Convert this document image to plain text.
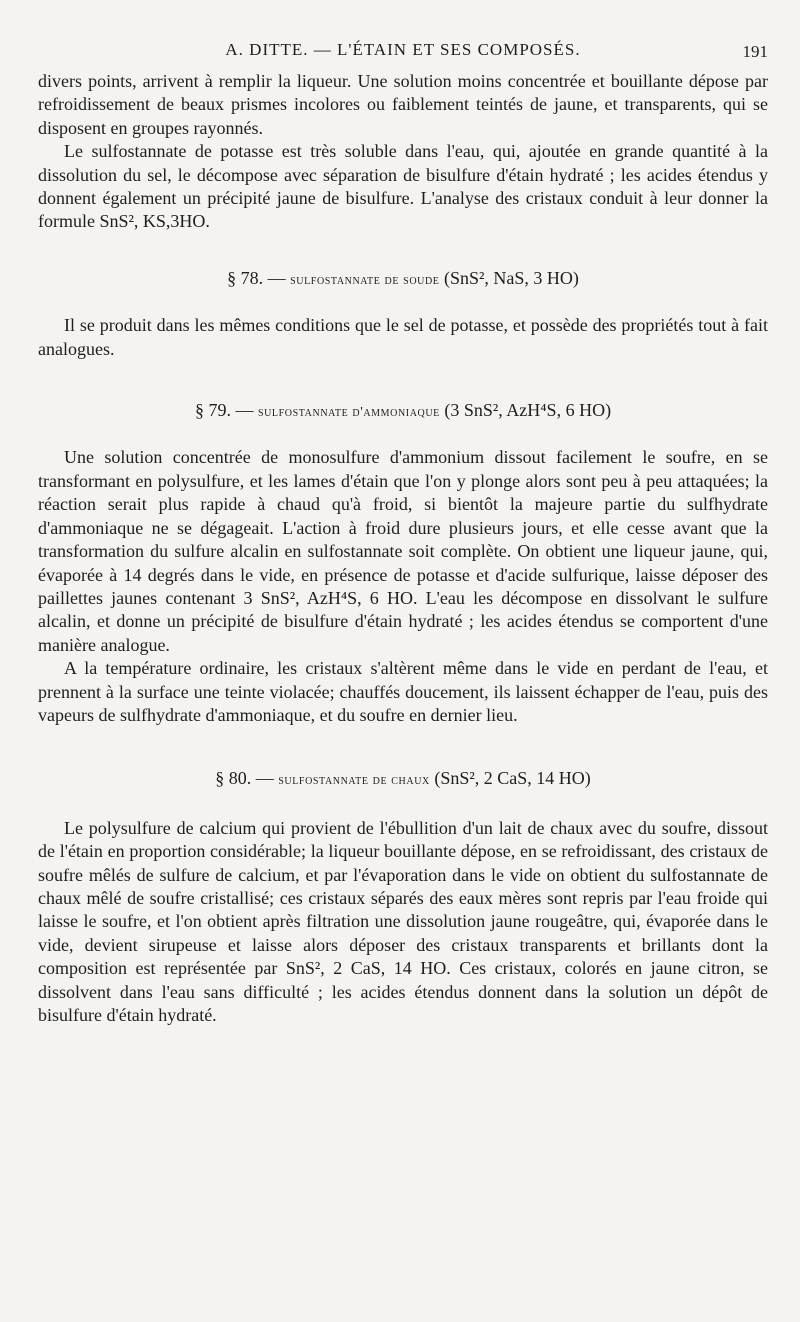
A. DITTE. — L'ÉTAIN ET SES COMPOSÉS.	191

divers points, arrivent à remplir la liqueur. Une solution moins concentrée et bouillante dépose par refroidissement de beaux prismes incolores ou faiblement teintés de jaune, et transparents, qui se disposent en groupes rayonnés.

Le sulfostannate de potasse est très soluble dans l'eau, qui, ajoutée en grande quantité à la dissolution du sel, le décompose avec séparation de bisulfure d'étain hydraté ; les acides étendus y donnent également un précipité jaune de bisulfure. L'analyse des cristaux conduit à leur donner la formule SnS², KS,3HO.

§ 78. — sulfostannate de soude (SnS², NaS, 3 HO)

Il se produit dans les mêmes conditions que le sel de potasse, et possède des propriétés tout à fait analogues.

§ 79. — sulfostannate d'ammoniaque (3 SnS², AzH⁴S, 6 HO)

Une solution concentrée de monosulfure d'ammonium dissout facilement le soufre, en se transformant en polysulfure, et les lames d'étain que l'on y plonge alors sont peu à peu attaquées; la réaction serait plus rapide à chaud qu'à froid, si bientôt la majeure partie du sulfhydrate d'ammoniaque ne se dégageait. L'action à froid dure plusieurs jours, et elle cesse avant que la transformation du sulfure alcalin en sulfostannate soit complète. On obtient une liqueur jaune, qui, évaporée à 14 degrés dans le vide, en présence de potasse et d'acide sulfurique, laisse déposer des paillettes jaunes contenant 3 SnS², AzH⁴S, 6 HO. L'eau les décompose en dissolvant le sulfure alcalin, et donne un précipité de bisulfure d'étain hydraté ; les acides étendus se comportent d'une manière analogue.

A la température ordinaire, les cristaux s'altèrent même dans le vide en perdant de l'eau, et prennent à la surface une teinte violacée; chauffés doucement, ils laissent échapper de l'eau, puis des vapeurs de sulfhydrate d'ammoniaque, et du soufre en dernier lieu.

§ 80. — sulfostannate de chaux (SnS², 2 CaS, 14 HO)

Le polysulfure de calcium qui provient de l'ébullition d'un lait de chaux avec du soufre, dissout de l'étain en proportion considérable; la liqueur bouillante dépose, en se refroidissant, des cristaux de soufre mêlés de sulfure de calcium, et par l'évaporation dans le vide on obtient du sulfostannate de chaux mêlé de soufre cristallisé; ces cristaux séparés des eaux mères sont repris par l'eau froide qui laisse le soufre, et l'on obtient après filtration une dissolution jaune rougeâtre, qui, évaporée dans le vide, devient sirupeuse et laisse alors déposer des cristaux transparents et brillants dont la composition est représentée par SnS², 2 CaS, 14 HO. Ces cristaux, colorés en jaune citron, se dissolvent dans l'eau sans difficulté ; les acides étendus donnent dans la solution un dépôt de bisulfure d'étain hydraté.
